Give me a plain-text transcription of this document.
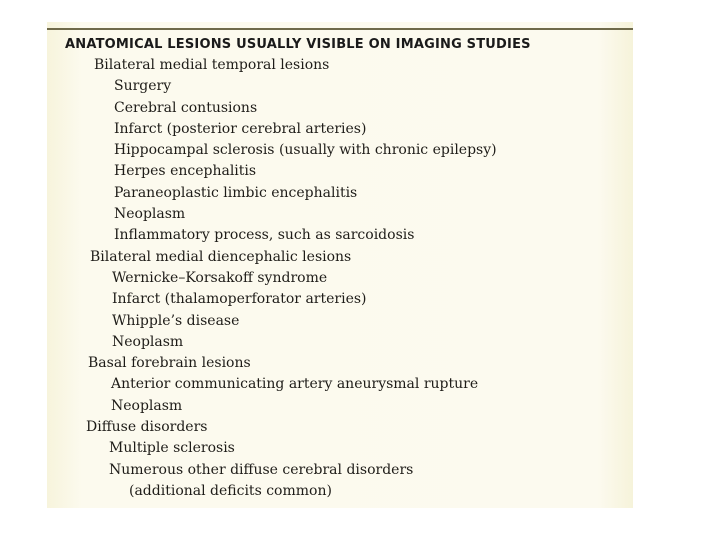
ANATOMICAL LESIONS USUALLY VISIBLE ON IMAGING STUDIES
Bilateral medial temporal lesions
Surgery
Cerebral contusions
Infarct (posterior cerebral arteries)
Hippocampal sclerosis (usually with chronic epilepsy)
Herpes encephalitis
Paraneoplastic limbic encephalitis
Neoplasm
Inflammatory process, such as sarcoidosis
Bilateral medial diencephalic lesions
Wernicke–Korsakoff syndrome
Infarct (thalamoperforator arteries)
Whipple’s disease
Neoplasm
Basal forebrain lesions
Anterior communicating artery aneurysmal rupture
Neoplasm
Diffuse disorders
Multiple sclerosis
Numerous other diffuse cerebral disorders
(additional deficits common)
